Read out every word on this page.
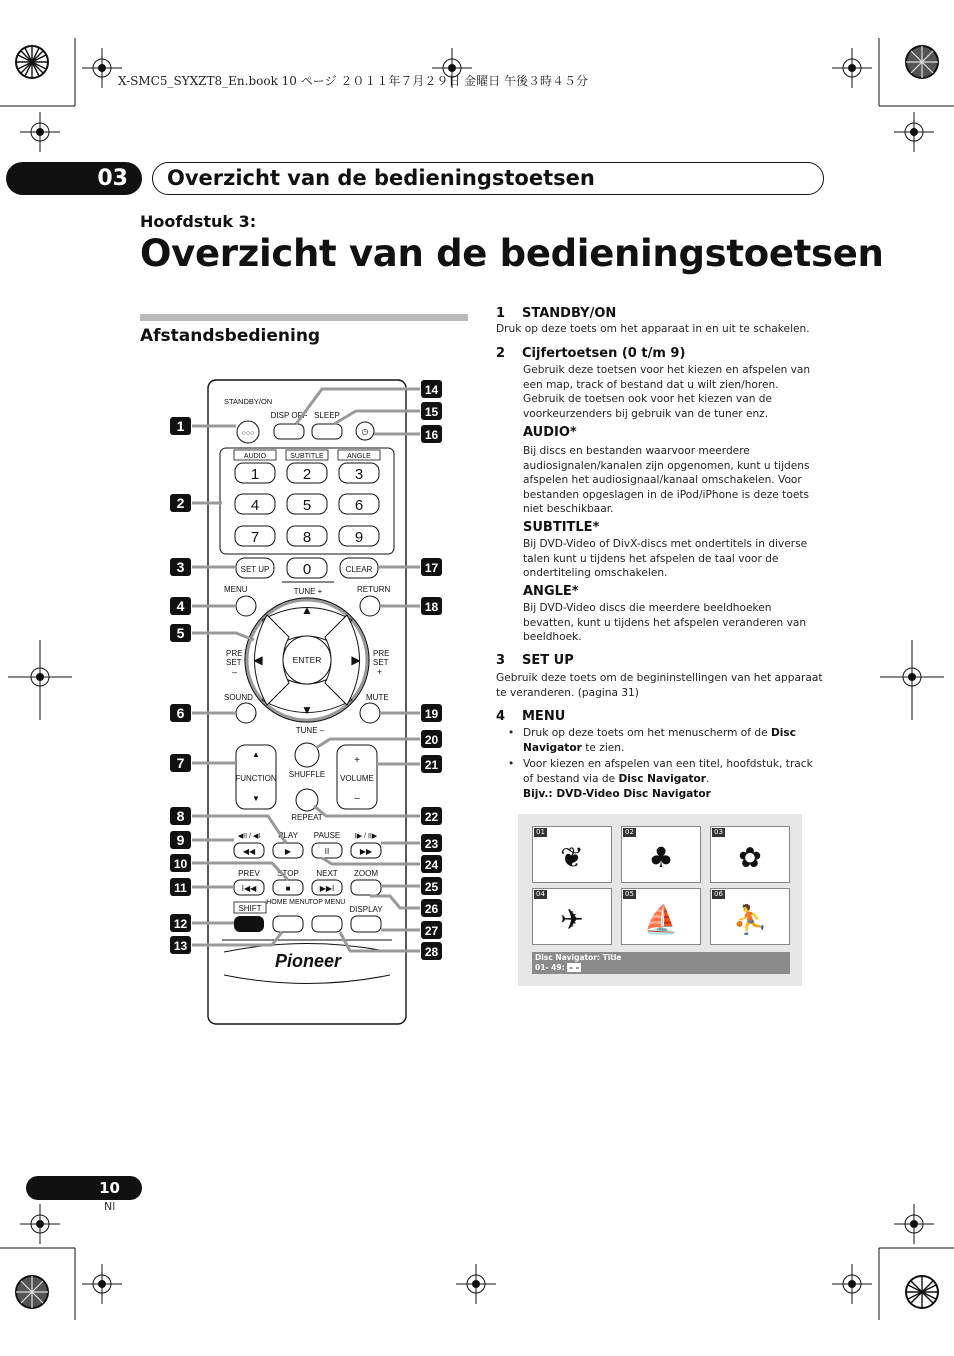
X-SMC5_SYXZT8_En.book 10 ページ ２０１１年７月２９日 金曜日 午後３時４５分
03	Overzicht van de bedieningstoetsen
Hoofdstuk 3:
Overzicht van de bedieningstoetsen
Afstandsbediening
Pioneer
STANDBY/ON
○○○
DISP OFF SLEEP
◷
AUDIO	SUBTITLE	ANGLE
1	2	3
4	5	6
7	8	9
0
SET UP	CLEAR
MENU	RETURN
TUNE +
ENTER
▲
▼
◀	▶
PRE
–
PRE
+
SOUND	MUTE
TUNE –
▲
FUNCTION
▼
SHUFFLE
+
VOLUME
–
REPEAT
◀II / ◀I
◀◀
PLAY
▶
PAUSE
II
I▶ / II▶
▶▶
PREV
I◀◀
STOP
■
NEXT
▶▶I
ZOOM
SHIFT
HOME MENU
TOP MENU
DISPLAY
1
2
3
4
5
6
7
8
9
10
11
12
13
14
15
16
17
18
19
20
21
22
23
24
25
26
27
28
SET	SET
1 STANDBY/ON
Druk op deze toets om het apparaat in en uit te schakelen.
2 Cijfertoetsen (0 t/m 9)
Gebruik deze toetsen voor het kiezen en afspelen van een map, track of bestand dat u wilt zien/horen. Gebruik de toetsen ook voor het kiezen van de voorkeurzenders bij gebruik van de tuner enz.
AUDIO*
Bij discs en bestanden waarvoor meerdere audiosignalen/kanalen zijn opgenomen, kunt u tijdens afspelen het audiosignaal/kanaal omschakelen. Voor bestanden opgeslagen in de iPod/iPhone is deze toets niet beschikbaar.
SUBTITLE*
Bij DVD-Video of DivX-discs met ondertitels in diverse talen kunt u tijdens het afspelen de taal voor de ondertiteling omschakelen.
ANGLE*
Bij DVD-Video discs die meerdere beeldhoeken bevatten, kunt u tijdens het afspelen veranderen van beeldhoek.
3 SET UP
Gebruik deze toets om de begininstellingen van het apparaat te veranderen. (pagina 31)
4 MENU
• Druk op deze toets om het menuscherm of de Disc Navigator te zien.
• Voor kiezen en afspelen van een titel, hoofdstuk, track of bestand via de Disc Navigator.
Bijv.: DVD-Video Disc Navigator
01
❦
02
♣
03
✿
04
✈
05
⛵
06
⛹
Disc Navigator: Title
01- 49: – –
10
Nl
